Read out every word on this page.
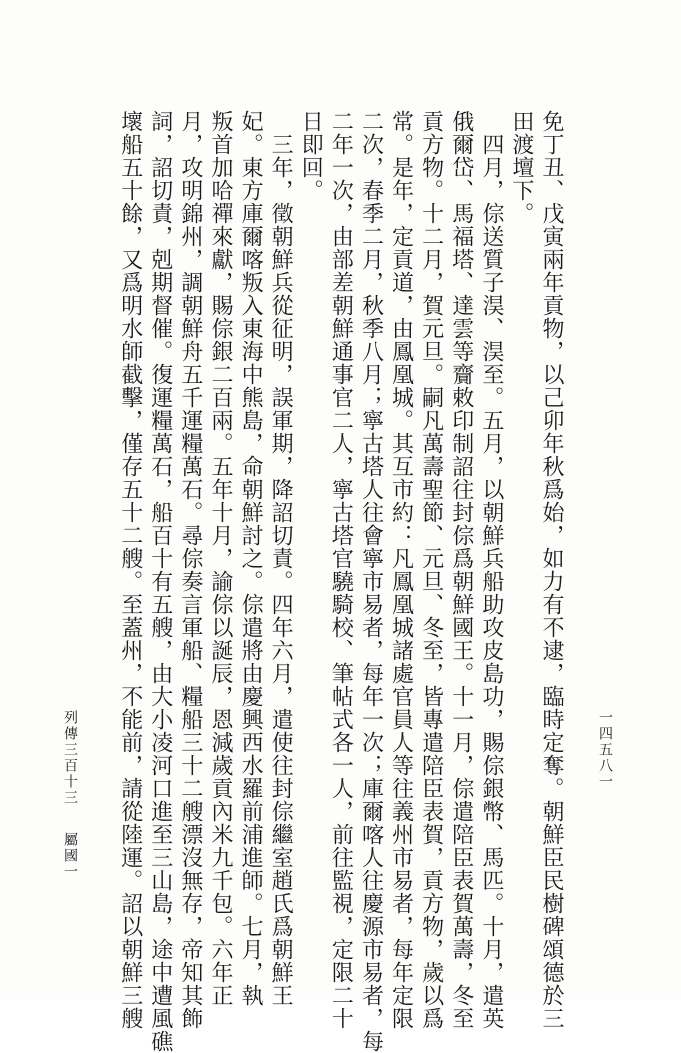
免丁丑、戊寅兩年貢物，以己卯年秋爲始，如力有不逮，臨時定奪。朝鮮臣民樹碑頌德於三
田渡壇下。
　四月，倧送質子淏、淏至。五月，以朝鮮兵船助攻皮島功，賜倧銀幣、馬匹。十月，遣英
俄爾岱、馬福塔、達雲等齎敕印制詔往封倧爲朝鮮國王。十一月，倧遣陪臣表賀萬壽，冬至
貢方物。十二月，賀元旦。嗣凡萬壽聖節、元旦、冬至，皆專遣陪臣表賀，貢方物，歲以爲
常。是年，定貢道，由鳳凰城。其互市約：凡鳳凰城諸處官員人等往義州市易者，每年定限
二次，春季二月，秋季八月；寧古塔人往會寧市易者，每年一次；庫爾喀人往慶源市易者，每
二年一次，由部差朝鮮通事官二人，寧古塔官驍騎校、筆帖式各一人，前往監視，定限二十
日即回。
　三年，徵朝鮮兵從征明，誤軍期，降詔切責。四年六月，遣使往封倧繼室趙氏爲朝鮮王
妃。東方庫爾喀叛入東海中熊島，命朝鮮討之。倧遣將由慶興西水羅前浦進師。七月，執
叛首加哈禪來獻，賜倧銀二百兩。五年十月，諭倧以誕辰，恩減歲貢內米九千包。六年正
月，攻明錦州，調朝鮮舟五千運糧萬石。尋倧奏言軍船、糧船三十二艘漂沒無存，帝知其飾
詞，詔切責，剋期督催。復運糧萬石，船百十有五艘，由大小凌河口進至三山島，途中遭風礁
壞船五十餘，又爲明水師截擊，僅存五十二艘。至蓋州，不能前，請從陸運。詔以朝鮮三艘	一四五八一
列傳三百十三屬國一
